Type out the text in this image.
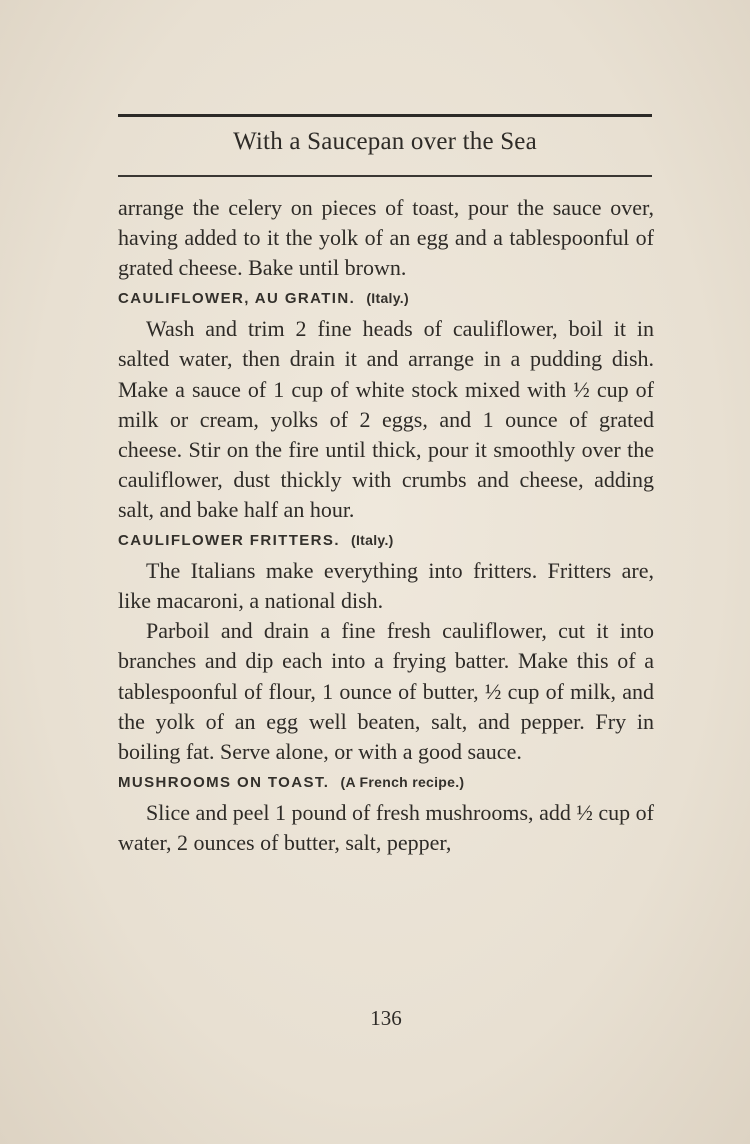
With a Saucepan over the Sea

arrange the celery on pieces of toast, pour the sauce over, having added to it the yolk of an egg and a tablespoonful of grated cheese. Bake until brown.

CAULIFLOWER, AU GRATIN. (Italy.)

Wash and trim 2 fine heads of cauliflower, boil it in salted water, then drain it and arrange in a pudding dish. Make a sauce of 1 cup of white stock mixed with ½ cup of milk or cream, yolks of 2 eggs, and 1 ounce of grated cheese. Stir on the fire until thick, pour it smoothly over the cauliflower, dust thickly with crumbs and cheese, adding salt, and bake half an hour.

CAULIFLOWER FRITTERS. (Italy.)

The Italians make everything into fritters. Fritters are, like macaroni, a national dish.

Parboil and drain a fine fresh cauliflower, cut it into branches and dip each into a frying batter. Make this of a tablespoonful of flour, 1 ounce of butter, ½ cup of milk, and the yolk of an egg well beaten, salt, and pepper. Fry in boiling fat. Serve alone, or with a good sauce.

MUSHROOMS ON TOAST. (A French recipe.)

Slice and peel 1 pound of fresh mushrooms, add ½ cup of water, 2 ounces of butter, salt, pepper,

136
